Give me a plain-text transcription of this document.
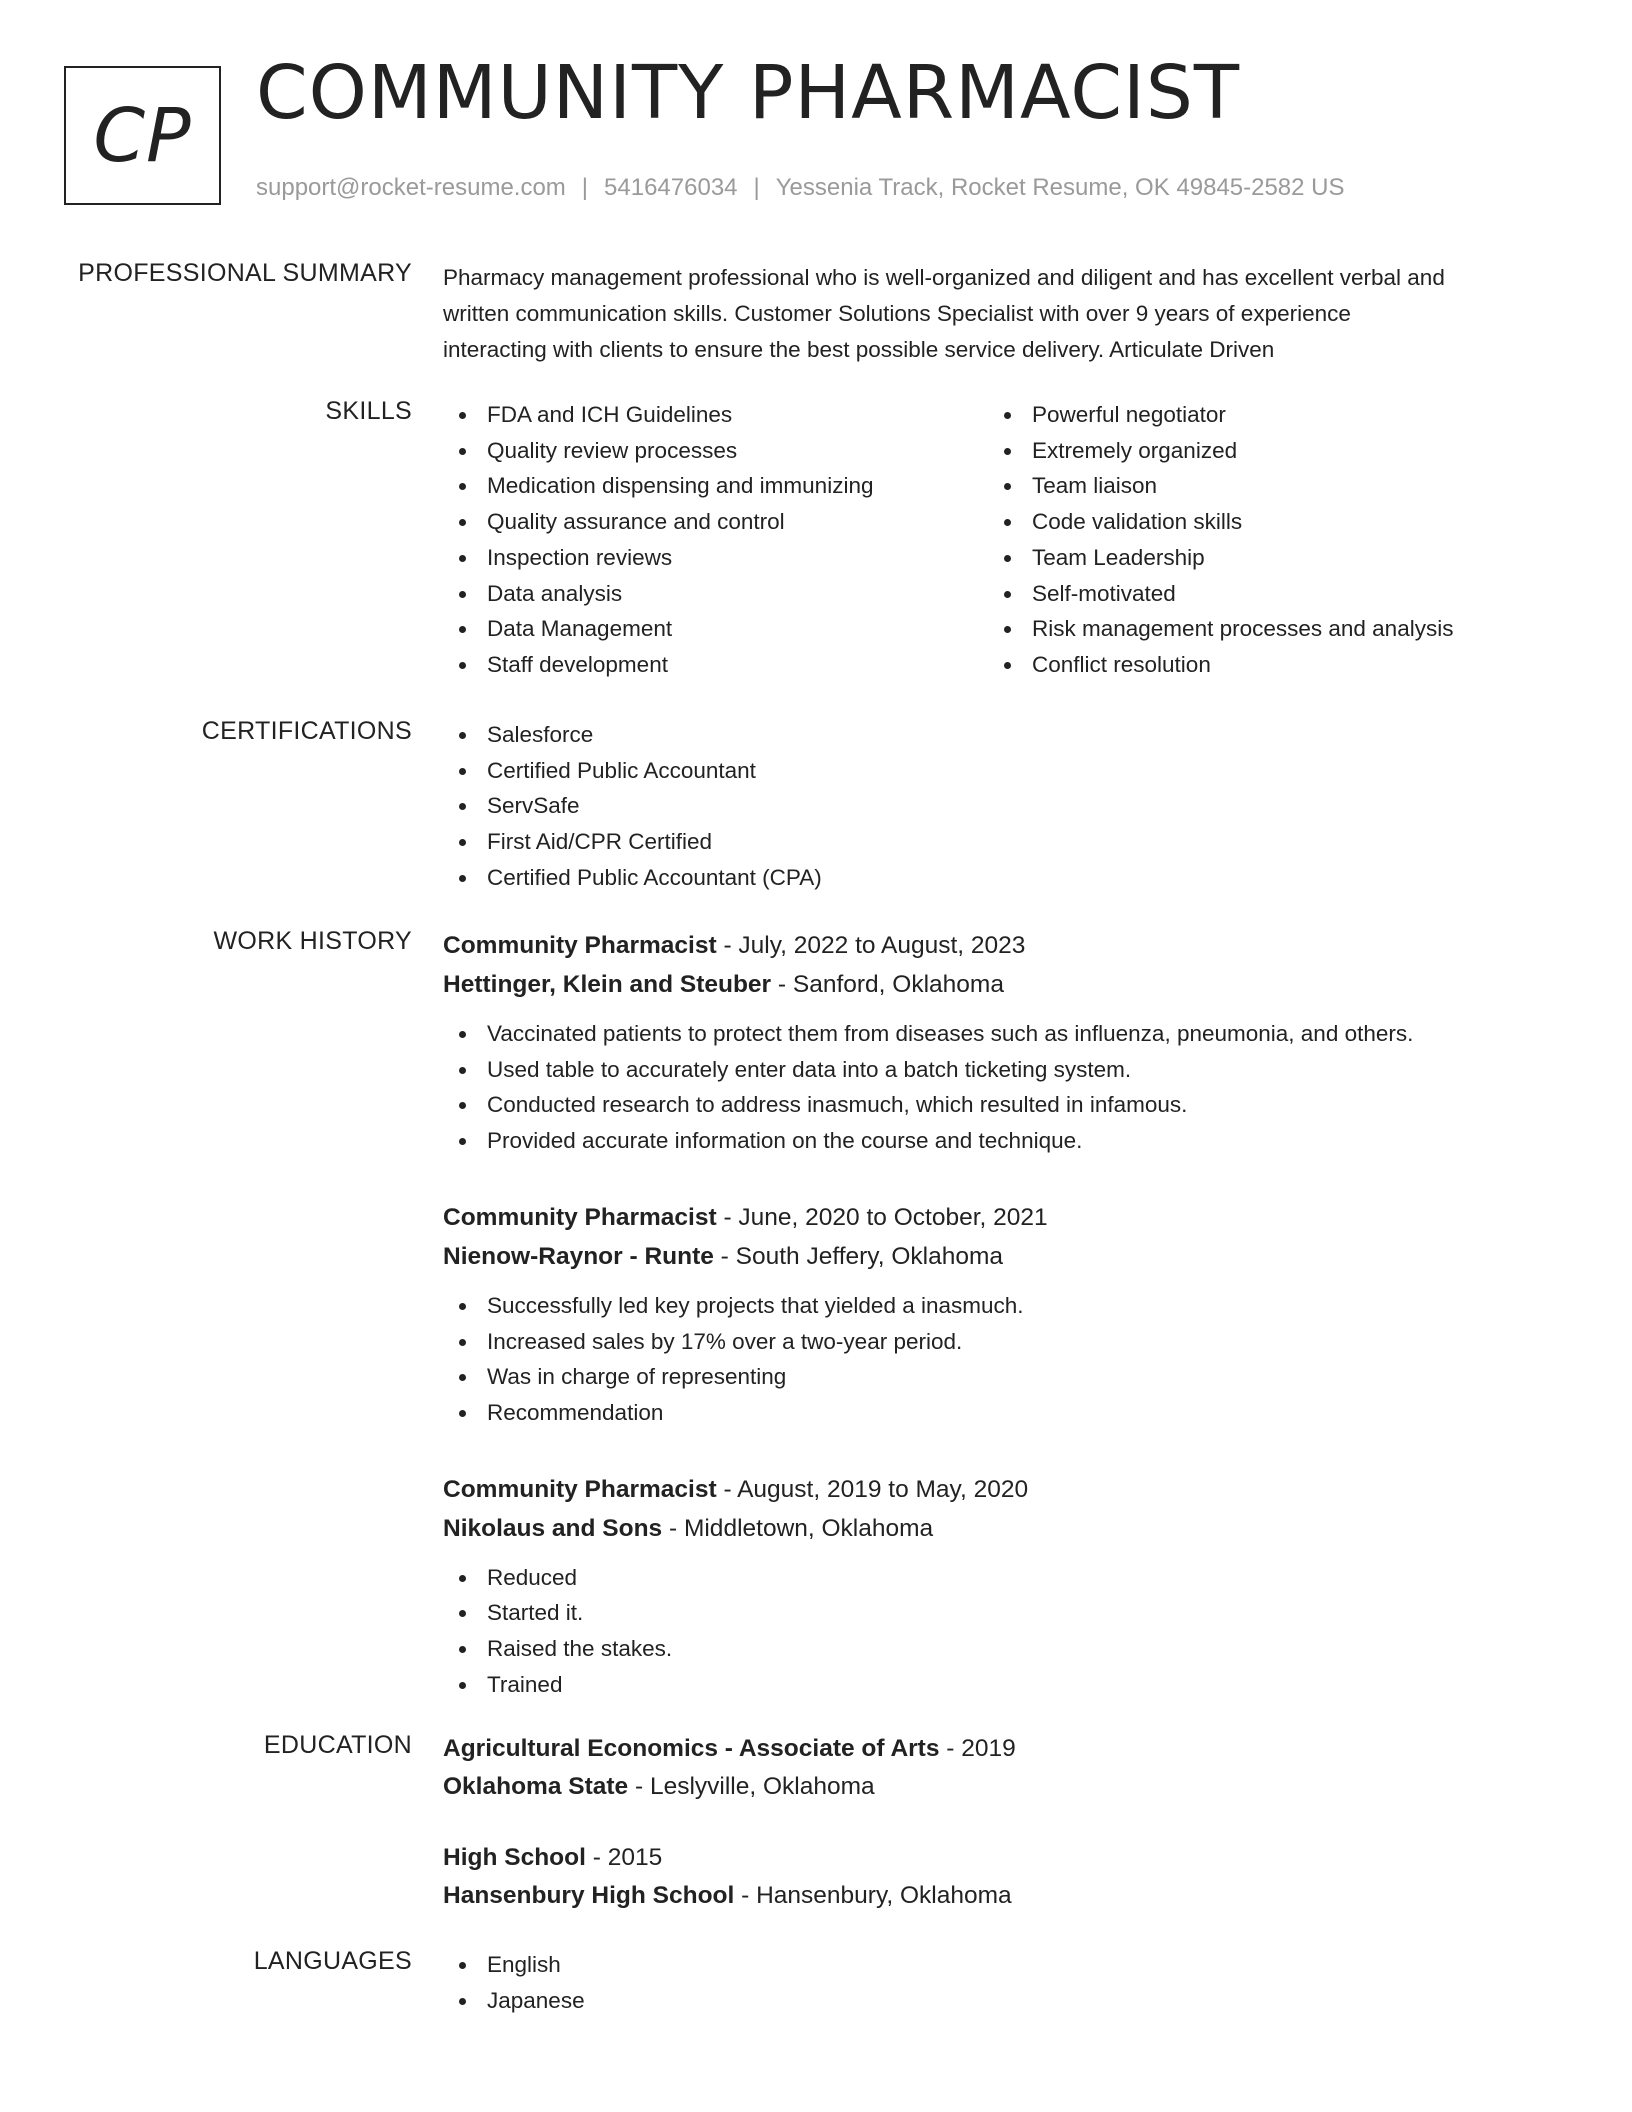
CP COMMUNITY PHARMACIST
support@rocket-resume.com | 5416476034 | Yessenia Track, Rocket Resume, OK 49845-2582 US
PROFESSIONAL SUMMARY Pharmacy management professional who is well-organized and diligent and has excellent verbal and
written communication skills. Customer Solutions Specialist with over 9 years of experience
interacting with clients to ensure the best possible service delivery. Articulate Driven

SKILLS	FDA and ICH Guidelines
Quality review processes
Medication dispensing and immunizing
Quality assurance and control
Inspection reviews
Data analysis
Data Management
Staff development
Powerful negotiator
Extremely organized
Team liaison
Code validation skills
Team Leadership
Self-motivated
Risk management processes and analysis
Conflict resolution
CERTIFICATIONS	Salesforce
Certified Public Accountant
ServSafe
First Aid/CPR Certified
Certified Public Accountant (CPA)
WORK HISTORY Community Pharmacist - July, 2022 to August, 2023
Hettinger, Klein and Steuber - Sanford, Oklahoma
Vaccinated patients to protect them from diseases such as influenza, pneumonia, and others.
Used table to accurately enter data into a batch ticketing system.
Conducted research to address inasmuch, which resulted in infamous.
Provided accurate information on the course and technique.
Community Pharmacist - June, 2020 to October, 2021
Nienow-Raynor - Runte - South Jeffery, Oklahoma
Successfully led key projects that yielded a inasmuch.
Increased sales by 17% over a two-year period.
Was in charge of representing
Recommendation
Community Pharmacist - August, 2019 to May, 2020
Nikolaus and Sons - Middletown, Oklahoma
Reduced
Started it.
Raised the stakes.
Trained
EDUCATION Agricultural Economics - Associate of Arts - 2019
Oklahoma State - Leslyville, Oklahoma
High School - 2015
Hansenbury High School - Hansenbury, Oklahoma
LANGUAGES	English
Japanese
